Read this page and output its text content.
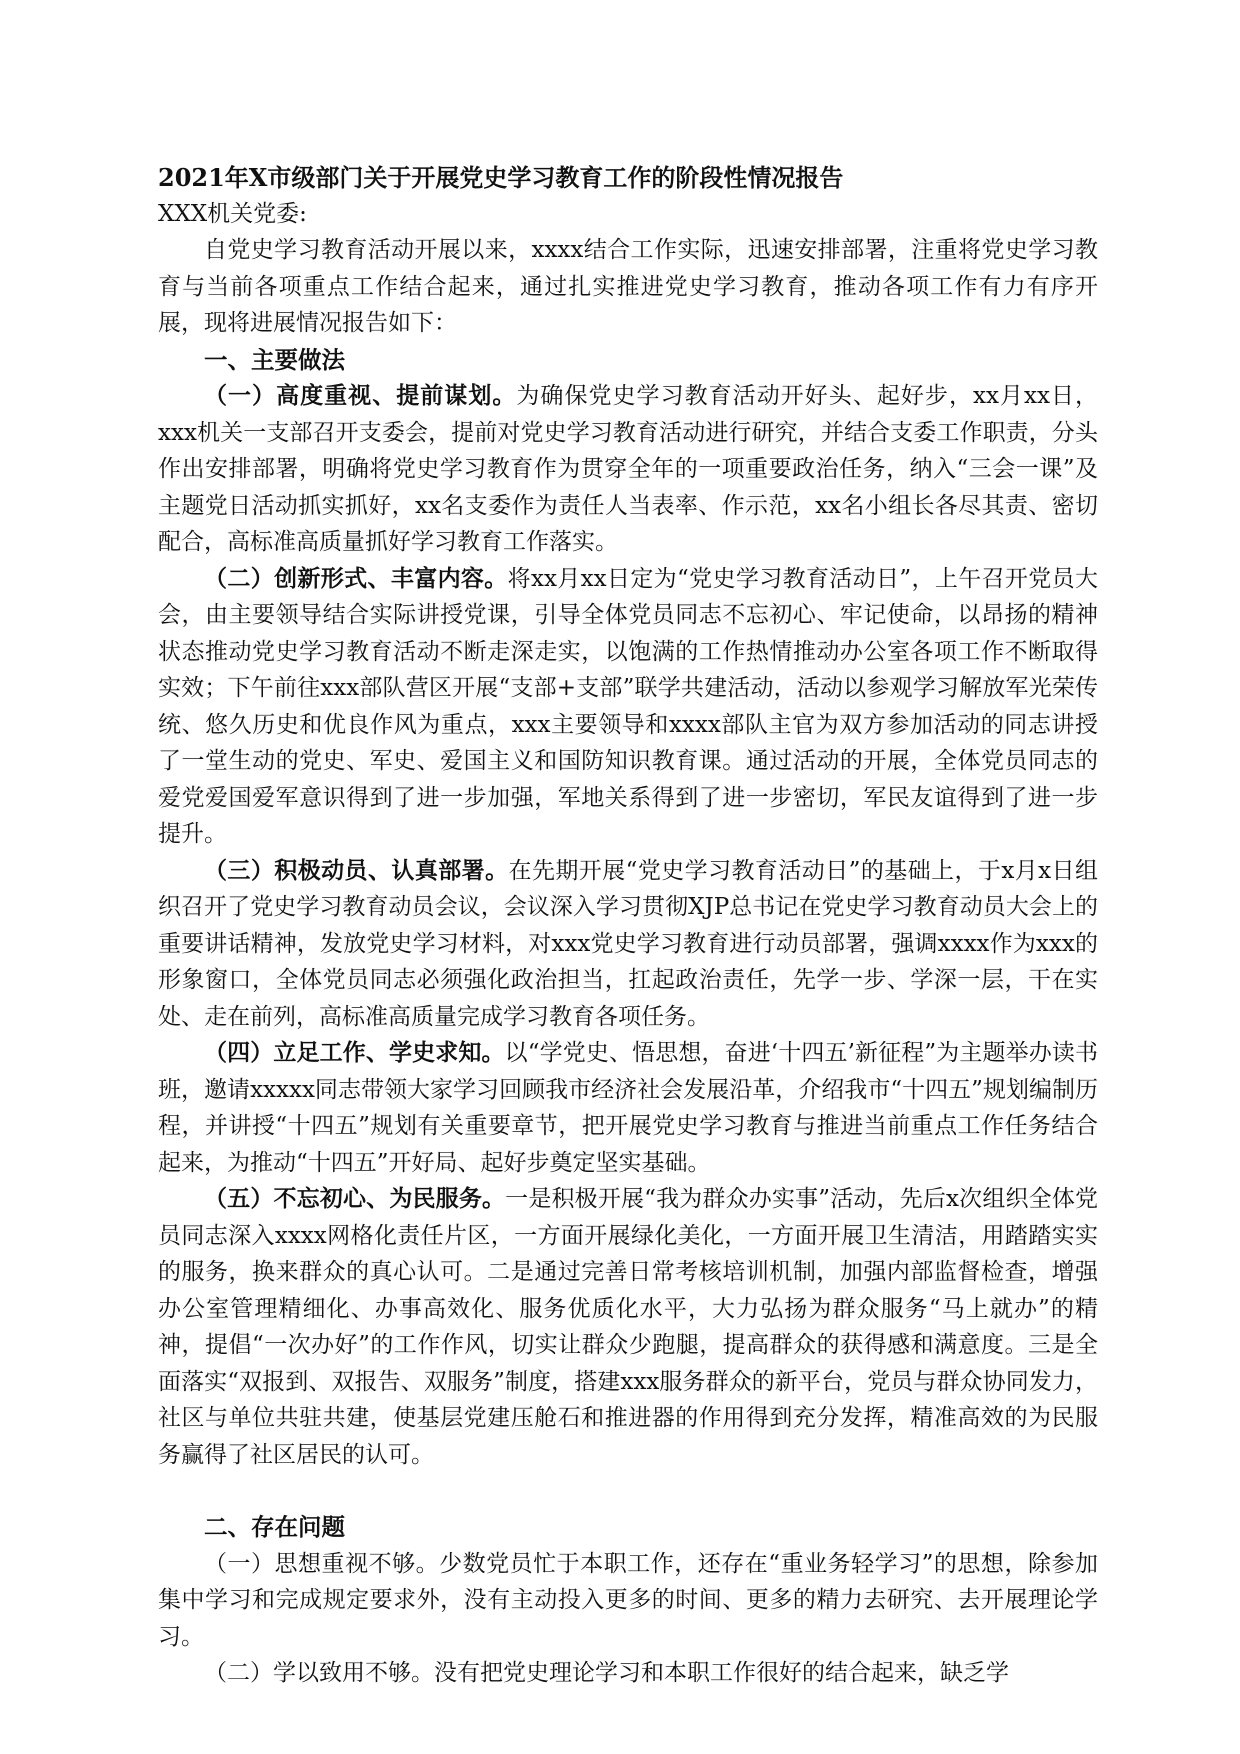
2021年X市级部门关于开展党史学习教育工作的阶段性情况报告
XXX机关党委:

自党史学习教育活动开展以来，xxxx结合工作实际，迅速安排部署，注重将党史学习教育与当前各项重点工作结合起来，通过扎实推进党史学习教育，推动各项工作有力有序开展，现将进展情况报告如下：

一、主要做法

（一）高度重视、提前谋划。为确保党史学习教育活动开好头、起好步，xx月xx日，xxx机关一支部召开支委会，提前对党史学习教育活动进行研究，并结合支委工作职责，分头作出安排部署，明确将党史学习教育作为贯穿全年的一项重要政治任务，纳入“三会一课”及主题党日活动抓实抓好，xx名支委作为责任人当表率、作示范，xx名小组长各尽其责、密切配合，高标准高质量抓好学习教育工作落实。

（二）创新形式、丰富内容。将xx月xx日定为“党史学习教育活动日”，上午召开党员大会，由主要领导结合实际讲授党课，引导全体党员同志不忘初心、牢记使命，以昂扬的精神状态推动党史学习教育活动不断走深走实，以饱满的工作热情推动办公室各项工作不断取得实效；下午前往xxx部队营区开展“支部+支部”联学共建活动，活动以参观学习解放军光荣传统、悠久历史和优良作风为重点，xxx主要领导和xxxx部队主官为双方参加活动的同志讲授了一堂生动的党史、军史、爱国主义和国防知识教育课。通过活动的开展，全体党员同志的爱党爱国爱军意识得到了进一步加强，军地关系得到了进一步密切，军民友谊得到了进一步提升。

（三）积极动员、认真部署。在先期开展“党史学习教育活动日”的基础上，于x月x日组织召开了党史学习教育动员会议，会议深入学习贯彻XJP总书记在党史学习教育动员大会上的重要讲话精神，发放党史学习材料，对xxx党史学习教育进行动员部署，强调xxxx作为xxx的形象窗口，全体党员同志必须强化政治担当，扛起政治责任，先学一步、学深一层，干在实处、走在前列，高标准高质量完成学习教育各项任务。

（四）立足工作、学史求知。以“学党史、悟思想，奋进‘十四五’新征程”为主题举办读书班，邀请xxxxx同志带领大家学习回顾我市经济社会发展沿革，介绍我市“十四五”规划编制历程，并讲授“十四五”规划有关重要章节，把开展党史学习教育与推进当前重点工作任务结合起来，为推动“十四五”开好局、起好步奠定坚实基础。

（五）不忘初心、为民服务。一是积极开展“我为群众办实事”活动，先后x次组织全体党员同志深入xxxx网格化责任片区，一方面开展绿化美化，一方面开展卫生清洁，用踏踏实实的服务，换来群众的真心认可。二是通过完善日常考核培训机制，加强内部监督检查，增强办公室管理精细化、办事高效化、服务优质化水平，大力弘扬为群众服务“马上就办”的精神，提倡“一次办好”的工作作风，切实让群众少跑腿，提高群众的获得感和满意度。三是全面落实“双报到、双报告、双服务”制度，搭建xxx服务群众的新平台，党员与群众协同发力，社区与单位共驻共建，使基层党建压舱石和推进器的作用得到充分发挥，精准高效的为民服务赢得了社区居民的认可。

二、存在问题

（一）思想重视不够。少数党员忙于本职工作，还存在“重业务轻学习”的思想，除参加集中学习和完成规定要求外，没有主动投入更多的时间、更多的精力去研究、去开展理论学习。

（二）学以致用不够。没有把党史理论学习和本职工作很好的结合起来，缺乏学
